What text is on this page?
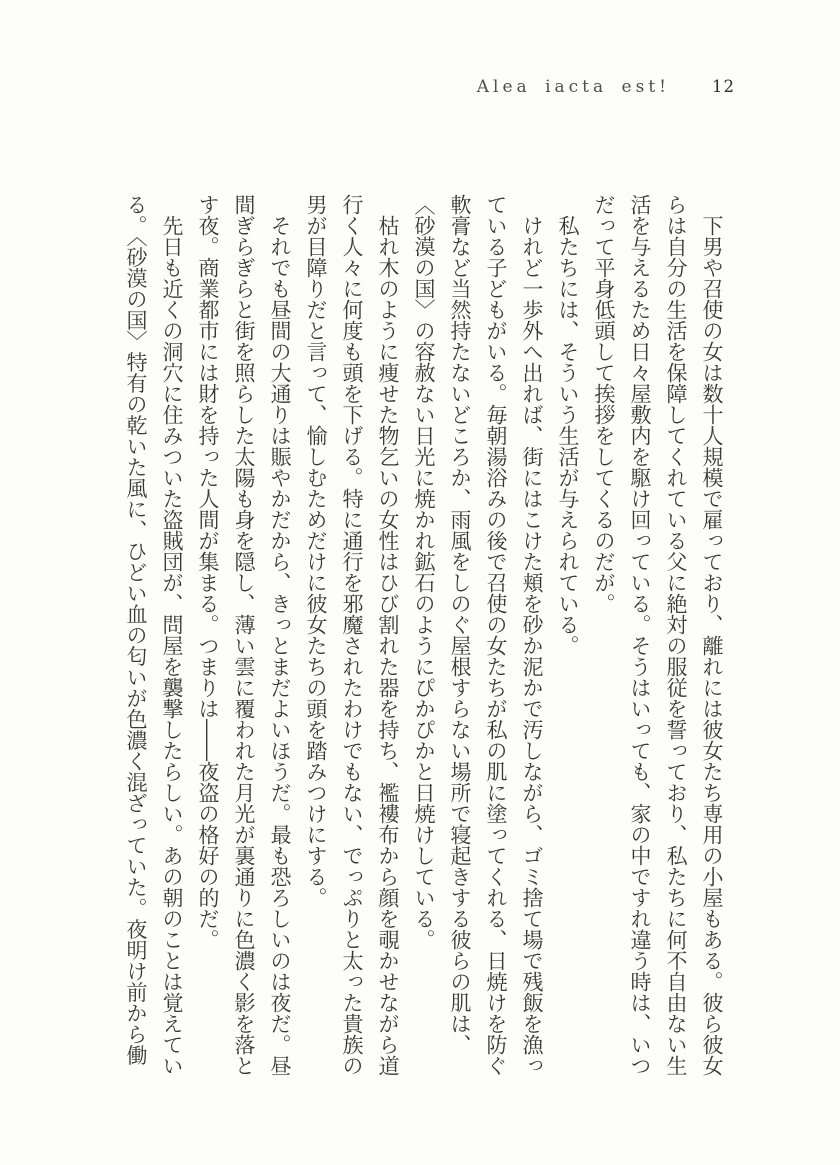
Alea iacta est!	12

下男や召使の女は数十人規模で雇っており、離れには彼女たち専用の小屋もある。彼ら彼女らは自分の生活を保障してくれている父に絶対の服従を誓っており、私たちに何不自由ない生活を与えるため日々屋敷内を駆け回っている。そうはいっても、家の中ですれ違う時は、いつだって平身低頭して挨拶をしてくるのだが。

私たちには、そういう生活が与えられている。

けれど一歩外へ出れば、街にはこけた頬を砂か泥かで汚しながら、ゴミ捨て場で残飯を漁っている子どもがいる。毎朝湯浴みの後で召使の女たちが私の肌に塗ってくれる、日焼けを防ぐ軟膏など当然持たないどころか、雨風をしのぐ屋根すらない場所で寝起きする彼らの肌は、〈砂漠の国〉の容赦ない日光に焼かれ鉱石のようにぴかぴかと日焼けしている。

枯れ木のように痩せた物乞いの女性はひび割れた器を持ち、襤褸布から顔を覗かせながら道行く人々に何度も頭を下げる。特に通行を邪魔されたわけでもない、でっぷりと太った貴族の男が目障りだと言って、愉しむためだけに彼女たちの頭を踏みつけにする。

それでも昼間の大通りは賑やかだから、きっとまだよいほうだ。最も恐ろしいのは夜だ。昼間ぎらぎらと街を照らした太陽も身を隠し、薄い雲に覆われた月光が裏通りに色濃く影を落とす夜。商業都市には財を持った人間が集まる。つまりは――夜盗の格好の的だ。

先日も近くの洞穴に住みついた盗賊団が、問屋を襲撃したらしい。あの朝のことは覚えている。〈砂漠の国〉特有の乾いた風に、ひどい血の匂いが色濃く混ざっていた。夜明け前から働
